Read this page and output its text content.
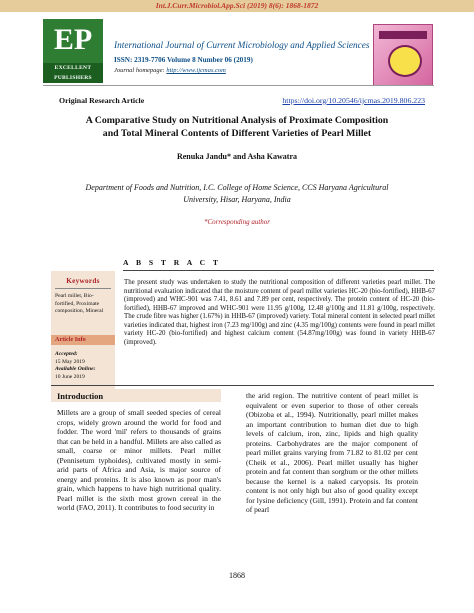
Int.J.Curr.Microbiol.App.Sci (2019) 8(6): 1868-1872
EP
EXCELLENT PUBLISHERS
International Journal of Current Microbiology and Applied Sciences
ISSN: 2319-7706 Volume 8 Number 06 (2019)
Journal homepage: http://www.ijcmas.com
Original Research Article	https://doi.org/10.20546/ijcmas.2019.806.223
A Comparative Study on Nutritional Analysis of Proximate Composition
and Total Mineral Contents of Different Varieties of Pearl Millet
Renuka Jandu* and Asha Kawatra
Department of Foods and Nutrition, I.C. College of Home Science, CCS Haryana Agricultural
University, Hisar, Haryana, India
*Corresponding author
A B S T R A C T
Keywords
Pearl millet, Bio-fortified, Proximate composition, Mineral
Article Info
Accepted:
15 May 2019
Available Online:
10 June 2019
The present study was undertaken to study the nutritional composition of different varieties pearl millet. The nutritional evaluation indicated that the moisture content of pearl millet varieties HC-20 (bio-fortified), HHB-67 (improved) and WHC-901 was 7.41, 8.61 and 7.89 per cent, respectively. The protein content of HC-20 (bio-fortified), HHB-67 improved and WHC-901 were 11.95 g/100g, 12.48 g/100g and 11.81 g/100g, respectively. The crude fibre was higher (1.67%) in HHB-67 (improved) variety. Total mineral content in selected pearl millet varieties indicated that, highest iron (7.23 mg/100g) and zinc (4.35 mg/100g) contents were found in pearl millet variety HC-20 (bio-fortified) and highest calcium content (54.87mg/100g) was found in variety HHB-67 (improved).
Introduction
Millets are a group of small seeded species of cereal crops, widely grown around the world for food and fodder. The word 'mil' refers to thousands of grains that can be held in a handful. Millets are also called as small, coarse or minor millets. Pearl millet (Pennisetum typhoides), cultivated mostly in semi-arid parts of Africa and Asia, is major source of energy and proteins. It is also known as poor man's grain, which happens to have high nutritional quality. Pearl millet is the sixth most grown cereal in the world (FAO, 2011). It contributes to food security in
the arid region. The nutritive content of pearl millet is equivalent or even superior to those of other cereals (Obizoba et al., 1994). Nutritionally, pearl millet makes an important contribution to human diet due to high levels of calcium, iron, zinc, lipids and high quality proteins. Carbohydrates are the major component of pearl millet grains varying from 71.82 to 81.02 per cent (Cheik et al., 2006). Pearl millet usually has higher protein and fat content than sorghum or the other millets because the kernel is a naked caryopsis. Its protein content is not only high but also of good quality except for lysine deficiency (Gill, 1991). Protein and fat content of pearl
1868
